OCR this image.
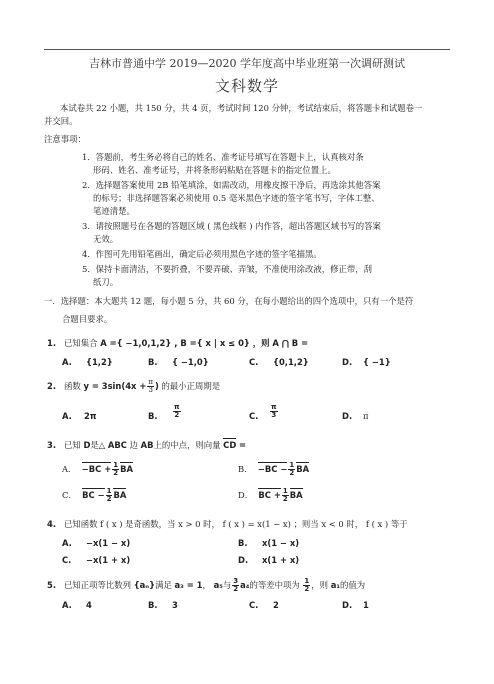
吉林市普通中学 2019—2020 学年度高中毕业班第一次调研测试
文科数学
本试卷共 22 小题，共 150 分，共 4 页，考试时间 120 分钟，考试结束后，将答题卡和试题卷一
并交回。
注意事项：
1． 答题前，考生务必将自己的姓名、准考证号填写在答题卡上，认真核对条
形码、姓名、准考证号，并将条形码粘贴在答题卡的指定位置上。
2． 选择题答案使用 2B 铅笔填涂，如需改动，用橡皮擦干净后，再选涂其他答案
的标号；非选择题答案必须使用 0.5 毫米黑色字迹的签字笔书写，字体工整、
笔迹清楚。
3． 请按照题号在各题的答题区域 ( 黑色线框 ) 内作答，超出答题区域书写的答案
无效。
4． 作图可先用铅笔画出，确定后必须用黑色字迹的签字笔描黑。
5． 保持卡面清洁，不要折叠，不要弄破、弄皱，不准使用涂改液，修正带，刮
纸刀。
一．选择题：本大题共 12 题，每小题 5 分，共 60 分，在每小题给出的四个选项中，只有一个是符
合题目要求。
1. 已知集合 A ={ −1,0,1,2} , B ={ x | x ≤ 0} ，则 A ⋂ B =
A. {1,2}	B. { −1,0}	C. {0,1,2}	D. { −1}
2. 函数 $y = 3\sin(4x + \frac{\pi}{3}$ ) 的最小正周期是
A. 2π	B. $\frac{\pi}{2}$	C. $\frac{\pi}{3}$	D. π
3. 已知 D是△ ABC 边 AB上的中点，则向量 CD =
A． $-BC + \frac{1}{2}$ BA	B． $-BC - \frac{1}{2}$ BA
C． BC − $\frac{1}{2}$ BA	D． BC + $\frac{1}{2}$ BA
4. 已知函数 f ( x ) 是奇函数，当 x > 0 时， f ( x ) = x(1 − x) ；则当 x < 0 时， f ( x ) 等于
A. −x(1 − x)	B. x(1 − x)
C. −x(1 + x)	D. x(1 + x)
5. 已知正项等比数列 {aₙ}满足 a₃ = 1， a₅与 $\frac{3}{2} a_4$的等差中项为 $\frac{1}{2}$ ，则 a₁的值为
A. 4	B. 3	C. 2	D. 1
